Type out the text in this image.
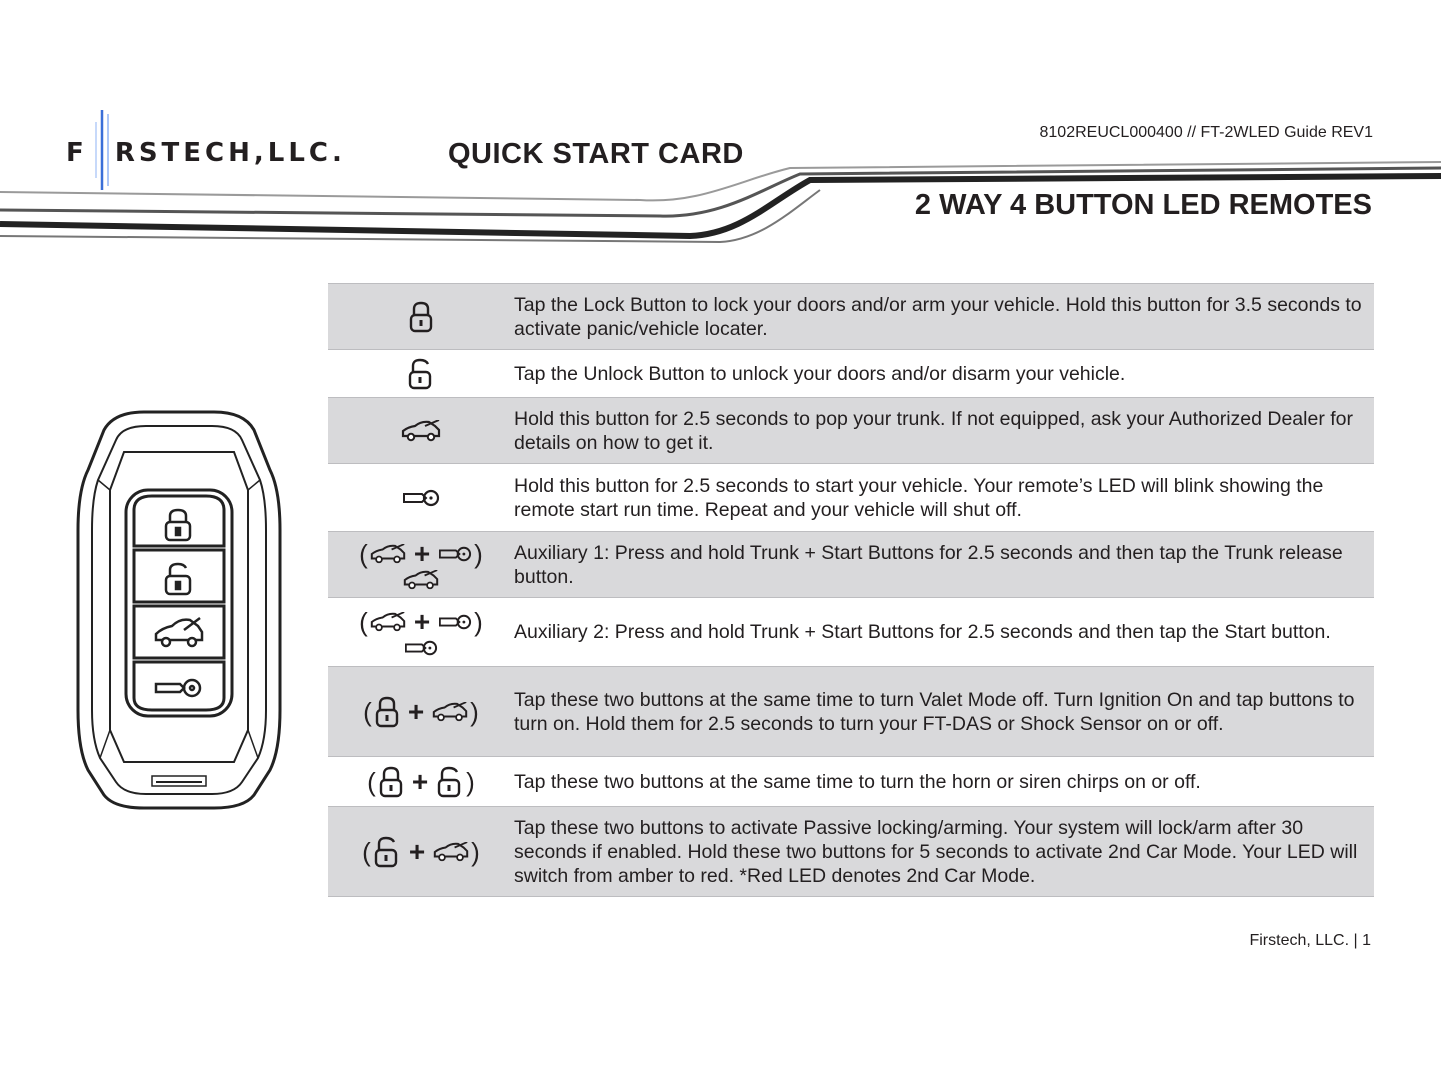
F RSTECH,LLC.	QUICK START CARD
8102REUCL000400 // FT-2WLED Guide REV1
2 WAY 4 BUTTON LED REMOTES
Tap the Lock Button to lock your doors and/or arm your vehicle. Hold this button for 3.5 seconds to activate panic/vehicle locater.
Tap the Unlock Button to unlock your doors and/or disarm your vehicle.
Hold this button for 2.5 seconds to pop your trunk. If not equipped, ask your Authorized Dealer for details on how to get it.
Hold this button for 2.5 seconds to start your vehicle. Your remote’s LED will blink showing the remote start run time. Repeat and your vehicle will shut off.
( + ) Auxiliary 1: Press and hold Trunk + Start Buttons for 2.5 seconds and then tap the Trunk release button.
( + ) Auxiliary 2: Press and hold Trunk + Start Buttons for 2.5 seconds and then tap the Start button.
( + ) Tap these two buttons at the same time to turn Valet Mode off. Turn Ignition On and tap buttons to turn on. Hold them for 2.5 seconds to turn your FT-DAS or Shock Sensor on or off.
( + ) Tap these two buttons at the same time to turn the horn or siren chirps on or off.
( + )
Tap these two buttons to activate Passive locking/arming. Your system will lock/arm after 30 seconds if enabled. Hold these two buttons for 5 seconds to activate 2nd Car Mode. Your LED will switch from amber to red. *Red LED denotes 2nd Car Mode.
Firstech, LLC. | 1
